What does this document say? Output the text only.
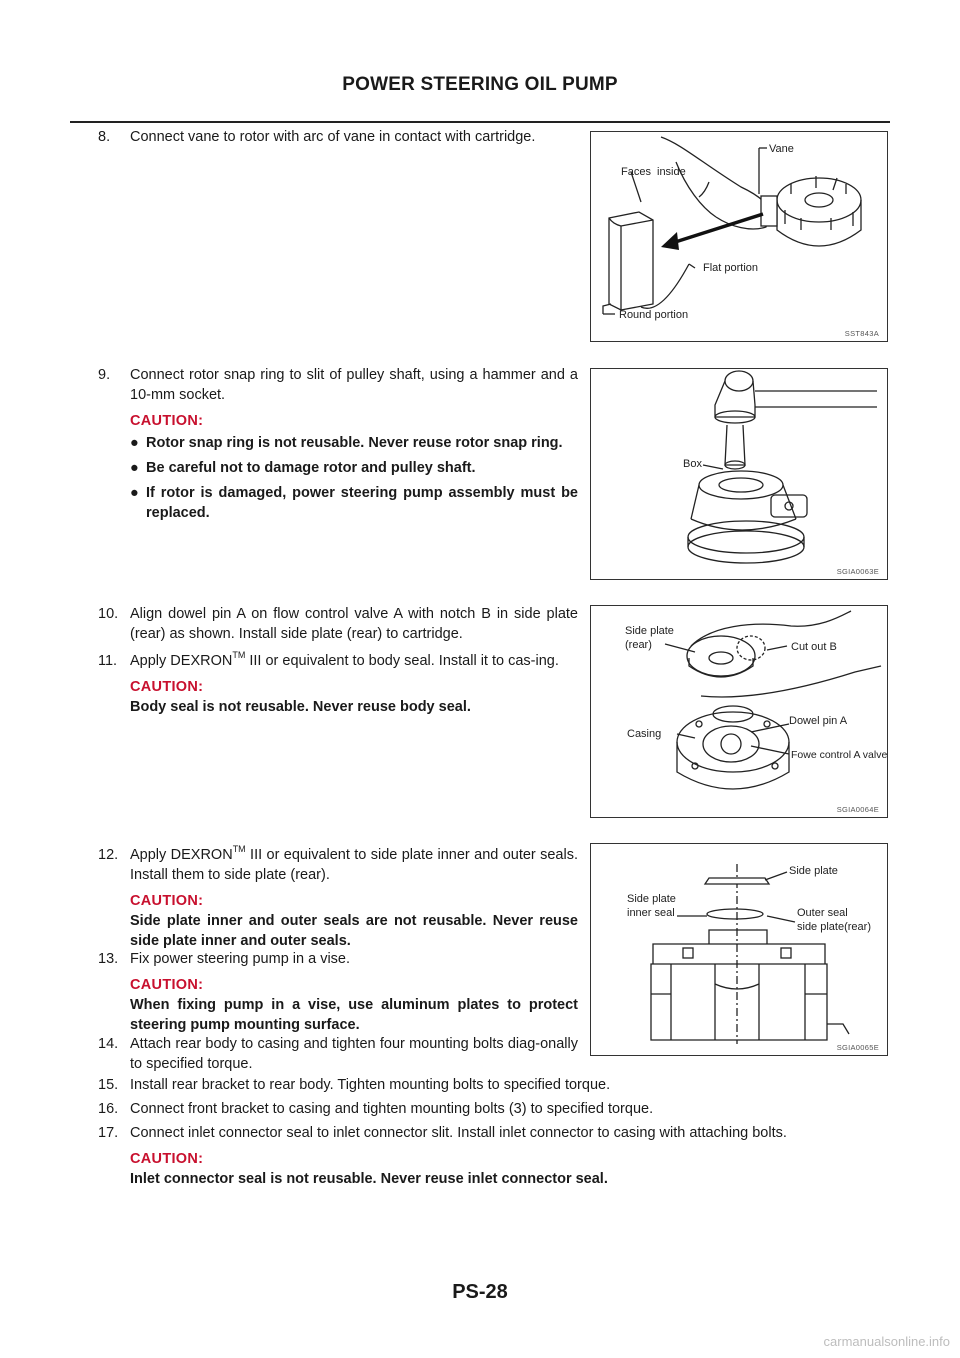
POWER STEERING OIL PUMP
8. Connect vane to rotor with arc of vane in contact with cartridge.
9. Connect rotor snap ring to slit of pulley shaft, using a hammer and a 10-mm socket.
CAUTION:
● Rotor snap ring is not reusable. Never reuse rotor snap ring.
● Be careful not to damage rotor and pulley shaft.
● If rotor is damaged, power steering pump assembly must be replaced.
10. Align dowel pin A on flow control valve A with notch B in side plate (rear) as shown. Install side plate (rear) to cartridge.
11. Apply DEXRON™ III or equivalent to body seal. Install it to cas-ing.
CAUTION:
Body seal is not reusable. Never reuse body seal.
12. Apply DEXRON™ III or equivalent to side plate inner and outer seals. Install them to side plate (rear).
CAUTION:
Side plate inner and outer seals are not reusable. Never reuse side plate inner and outer seals.
13. Fix power steering pump in a vise.
CAUTION:
When fixing pump in a vise, use aluminum plates to protect steering pump mounting surface.
14. Attach rear body to casing and tighten four mounting bolts diag-onally to specified torque.
15. Install rear bracket to rear body. Tighten mounting bolts to specified torque.
16. Connect front bracket to casing and tighten mounting bolts (3) to specified torque.
17. Connect inlet connector seal to inlet connector slit. Install inlet connector to casing with attaching bolts.
CAUTION:
Inlet connector seal is not reusable. Never reuse inlet connector seal.
Vane
Faces inside
Flat portion
Round portion
SST843A
Box
SGIA0063E
Side plate
(rear)	Cut out B
Dowel pin A
Casing
Fowe control A valve
SGIA0064E
Side plate
Side plate
inner seal	Outer seal
side plate(rear)
SGIA0065E
PS-28
carmanualsonline.info
